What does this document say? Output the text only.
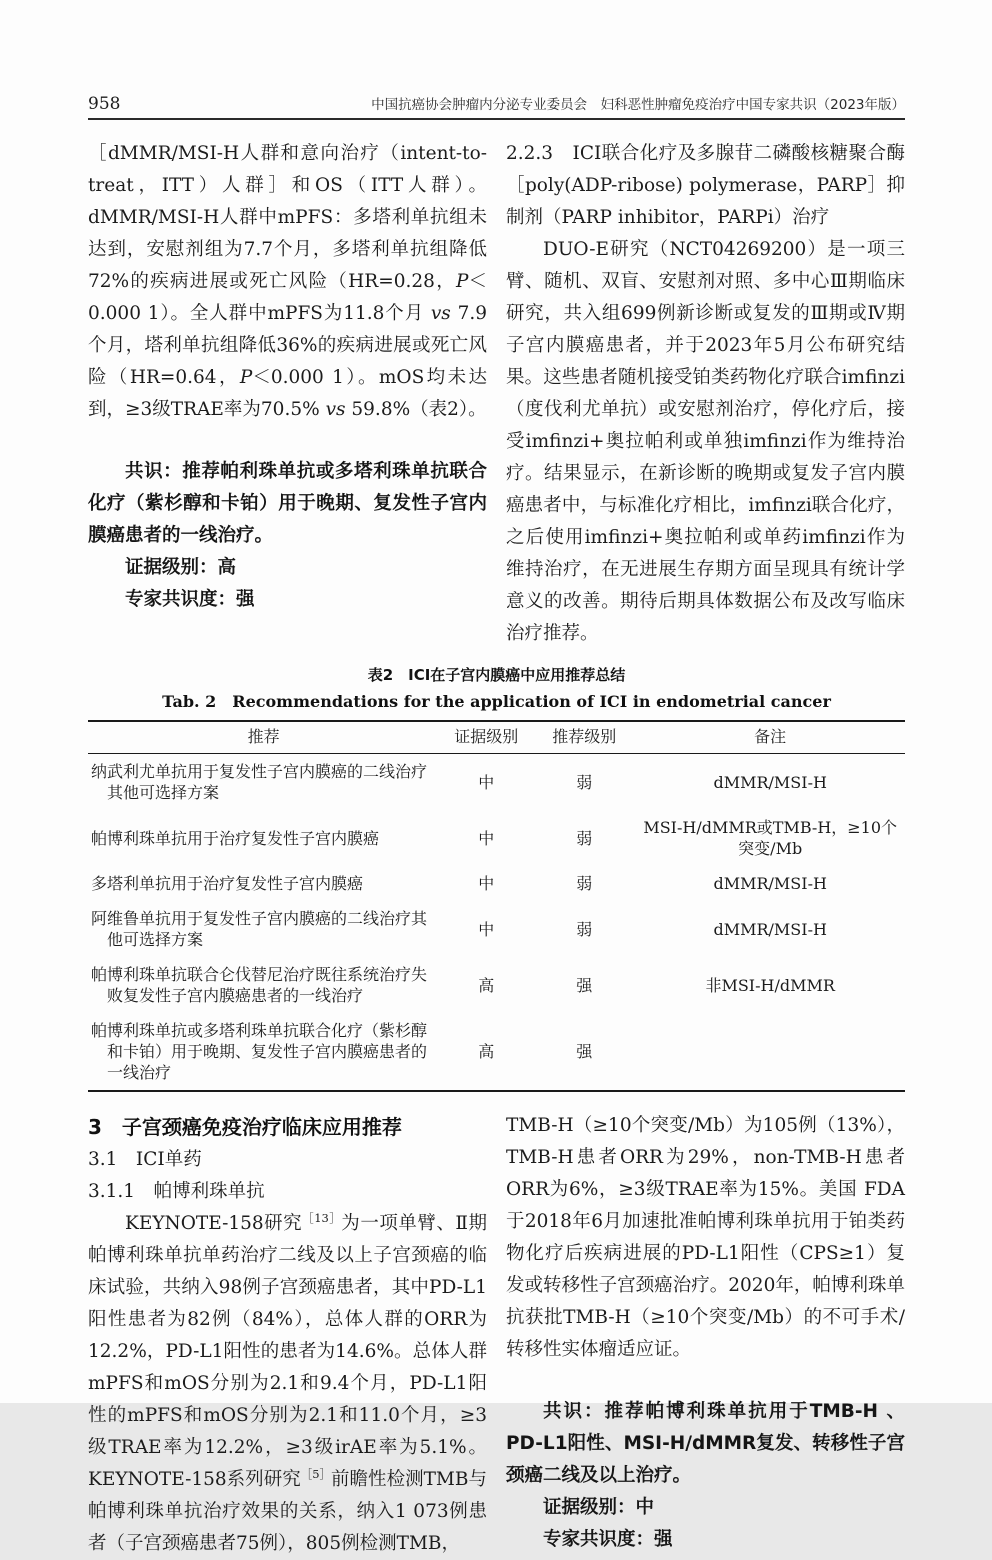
958	中国抗癌协会肿瘤内分泌专业委员会　妇科恶性肿瘤免疫治疗中国专家共识（2023年版）

［dMMR/MSI-H人群和意向治疗（intent-to-treat，ITT）人群］和OS（ITT人群）。dMMR/MSI-H人群中mPFS：多塔利单抗组未达到，安慰剂组为7.7个月，多塔利单抗组降低72%的疾病进展或死亡风险（HR=0.28，P＜0.000 1）。全人群中mPFS为11.8个月 vs 7.9个月，塔利单抗组降低36%的疾病进展或死亡风险（HR=0.64，P＜0.000 1）。mOS均未达到，≥3级TRAE率为70.5% vs 59.8%（表2）。

共识：推荐帕利珠单抗或多塔利珠单抗联合化疗（紫杉醇和卡铂）用于晚期、复发性子宫内膜癌患者的一线治疗。

证据级别：高

专家共识度：强

2.2.3　ICI联合化疗及多腺苷二磷酸核糖聚合酶［poly(ADP-ribose) polymerase，PARP］抑制剂（PARP inhibitor，PARPi）治疗

DUO-E研究（NCT04269200）是一项三臂、随机、双盲、安慰剂对照、多中心Ⅲ期临床研究，共入组699例新诊断或复发的Ⅲ期或Ⅳ期子宫内膜癌患者，并于2023年5月公布研究结果。这些患者随机接受铂类药物化疗联合imfinzi（度伐利尤单抗）或安慰剂治疗，停化疗后，接受imfinzi+奥拉帕利或单独imfinzi作为维持治疗。结果显示，在新诊断的晚期或复发子宫内膜癌患者中，与标准化疗相比，imfinzi联合化疗，之后使用imfinzi+奥拉帕利或单药imfinzi作为维持治疗，在无进展生存期方面呈现具有统计学意义的改善。期待后期具体数据公布及改写临床治疗推荐。

表2　ICI在子宫内膜癌中应用推荐总结
Tab. 2　Recommendations for the application of ICI in endometrial cancer
推荐	证据级别	推荐级别	备注

纳武利尤单抗用于复发性子宫内膜癌的二线治疗其他可选择方案	中	弱	dMMR/MSI-H

帕博利珠单抗用于治疗复发性子宫内膜癌	中	弱	MSI-H/dMMR或TMB-H，≥10个突变/Mb

多塔利单抗用于治疗复发性子宫内膜癌	中	弱	dMMR/MSI-H

阿维鲁单抗用于复发性子宫内膜癌的二线治疗其他可选择方案	中	弱	dMMR/MSI-H

帕博利珠单抗联合仑伐替尼治疗既往系统治疗失败复发性子宫内膜癌患者的一线治疗	高	强	非MSI-H/dMMR

帕博利珠单抗或多塔利珠单抗联合化疗（紫杉醇和卡铂）用于晚期、复发性子宫内膜癌患者的一线治疗	高	强	

3　子宫颈癌免疫治疗临床应用推荐

3.1　ICI单药

3.1.1　帕博利珠单抗

KEYNOTE-158研究$^{[13]}$为一项单臂、Ⅱ期帕博利珠单抗单药治疗二线及以上子宫颈癌的临床试验，共纳入98例子宫颈癌患者，其中PD-L1阳性患者为82例（84%），总体人群的ORR为12.2%，PD-L1阳性的患者为14.6%。总体人群mPFS和mOS分别为2.1和9.4个月，PD-L1阳性的mPFS和mOS分别为2.1和11.0个月，≥3级TRAE率为12.2%，≥3级irAE率为5.1%。KEYNOTE-158系列研究$^{[5]}$前瞻性检测TMB与帕博利珠单抗治疗效果的关系，纳入1 073例患者（子宫颈癌患者75例），805例检测TMB，

TMB-H（≥10个突变/Mb）为105例（13%），TMB-H患者ORR为29%，non-TMB-H患者ORR为6%，≥3级TRAE率为15%。美国 FDA于2018年6月加速批准帕博利珠单抗用于铂类药物化疗后疾病进展的PD-L1阳性（CPS≥1）复发或转移性子宫颈癌治疗。2020年，帕博利珠单抗获批TMB-H（≥10个突变/Mb）的不可手术/转移性实体瘤适应证。

共识：推荐帕博利珠单抗用于TMB-H 、PD-L1阳性、MSI-H/dMMR复发、转移性子宫颈癌二线及以上治疗。

证据级别：中

专家共识度：强
